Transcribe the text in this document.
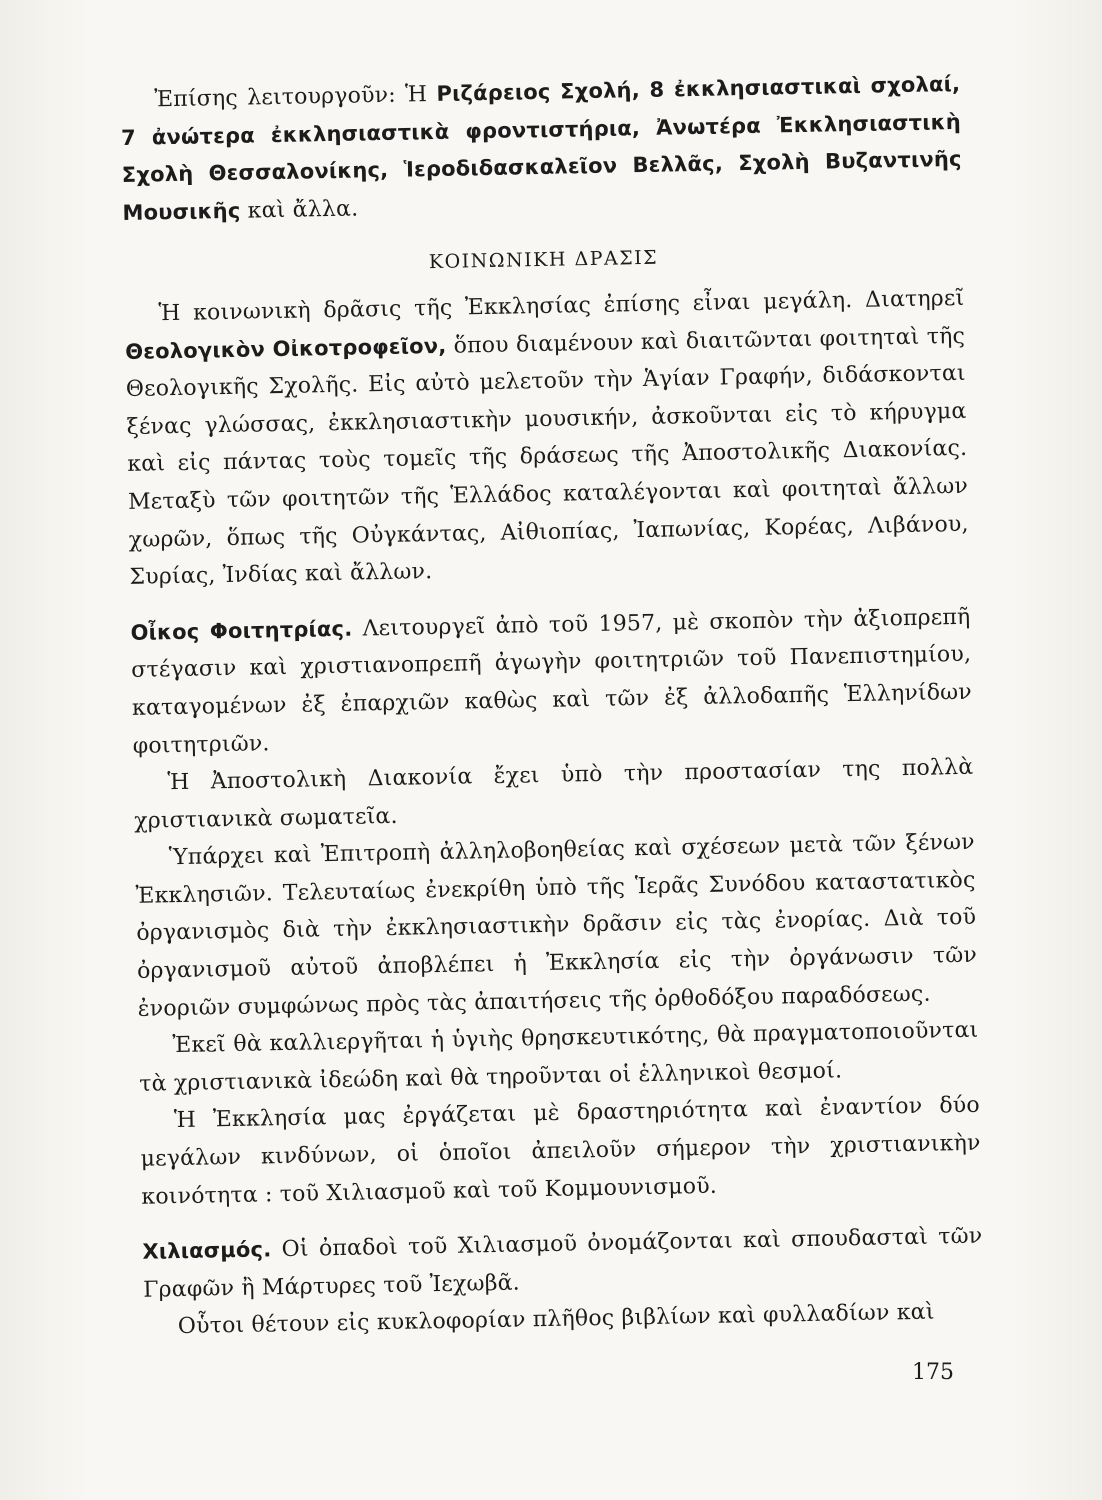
Ἐπίσης λειτουργοῦν: Ἡ Ριζάρειος Σχολή, 8 ἐκκλησιαστικαὶ σχολαί, 7 ἀνώτερα ἐκκλησιαστικὰ φροντιστήρια, Ἀνωτέρα Ἐκκλησιαστικὴ Σχολὴ Θεσσαλονίκης, Ἱεροδιδασκαλεῖον Βελλᾶς, Σχολὴ Βυζαντινῆς Μουσικῆς καὶ ἄλλα.

ΚΟΙΝΩΝΙΚΗ ΔΡΑΣΙΣ

Ἡ κοινωνικὴ δρᾶσις τῆς Ἐκκλησίας ἐπίσης εἶναι μεγάλη. Διατηρεῖ Θεολογικὸν Οἰκοτροφεῖον, ὅπου διαμένουν καὶ διαιτῶνται φοιτηταὶ τῆς Θεολογικῆς Σχολῆς. Εἰς αὐτὸ μελετοῦν τὴν Ἁγίαν Γραφήν, διδάσκονται ξένας γλώσσας, ἐκκλησιαστικὴν μουσικήν, ἀσκοῦνται εἰς τὸ κήρυγμα καὶ εἰς πάντας τοὺς τομεῖς τῆς δράσεως τῆς Ἀποστολικῆς Διακονίας. Μεταξὺ τῶν φοιτητῶν τῆς Ἑλλάδος καταλέγονται καὶ φοιτηταὶ ἄλλων χωρῶν, ὅπως τῆς Οὐγκάντας, Αἰθιοπίας, Ἰαπωνίας, Κορέας, Λιβάνου, Συρίας, Ἰνδίας καὶ ἄλλων.

Οἶκος Φοιτητρίας. Λειτουργεῖ ἀπὸ τοῦ 1957, μὲ σκοπὸν τὴν ἀξιοπρεπῆ στέγασιν καὶ χριστιανοπρεπῆ ἀγωγὴν φοιτητριῶν τοῦ Πανεπιστημίου, καταγομένων ἐξ ἐπαρχιῶν καθὼς καὶ τῶν ἐξ ἀλλοδαπῆς Ἑλληνίδων φοιτητριῶν.

Ἡ Ἀποστολικὴ Διακονία ἔχει ὑπὸ τὴν προστασίαν της πολλὰ χριστιανικὰ σωματεῖα.

Ὑπάρχει καὶ Ἐπιτροπὴ ἀλληλοβοηθείας καὶ σχέσεων μετὰ τῶν ξένων Ἐκκλησιῶν. Τελευταίως ἐνεκρίθη ὑπὸ τῆς Ἱερᾶς Συνόδου καταστατικὸς ὀργανισμὸς διὰ τὴν ἐκκλησιαστικὴν δρᾶσιν εἰς τὰς ἐνορίας. Διὰ τοῦ ὀργανισμοῦ αὐτοῦ ἀποβλέπει ἡ Ἐκκλησία εἰς τὴν ὀργάνωσιν τῶν ἐνοριῶν συμφώνως πρὸς τὰς ἀπαιτήσεις τῆς ὀρθοδόξου παραδόσεως.

Ἐκεῖ θὰ καλλιεργῆται ἡ ὑγιὴς θρησκευτικότης, θὰ πραγματοποιοῦνται τὰ χριστιανικὰ ἰδεώδη καὶ θὰ τηροῦνται οἱ ἑλληνικοὶ θεσμοί.

Ἡ Ἐκκλησία μας ἐργάζεται μὲ δραστηριότητα καὶ ἐναντίον δύο μεγάλων κινδύνων, οἱ ὁποῖοι ἀπειλοῦν σήμερον τὴν χριστιανικὴν κοινότητα : τοῦ Χιλιασμοῦ καὶ τοῦ Κομμουνισμοῦ.

Χιλιασμός. Οἱ ὀπαδοὶ τοῦ Χιλιασμοῦ ὀνομάζονται καὶ σπουδασταὶ τῶν Γραφῶν ἢ Μάρτυρες τοῦ Ἰεχωβᾶ.

Οὗτοι θέτουν εἰς κυκλοφορίαν πλῆθος βιβλίων καὶ φυλλαδίων καὶ

175
